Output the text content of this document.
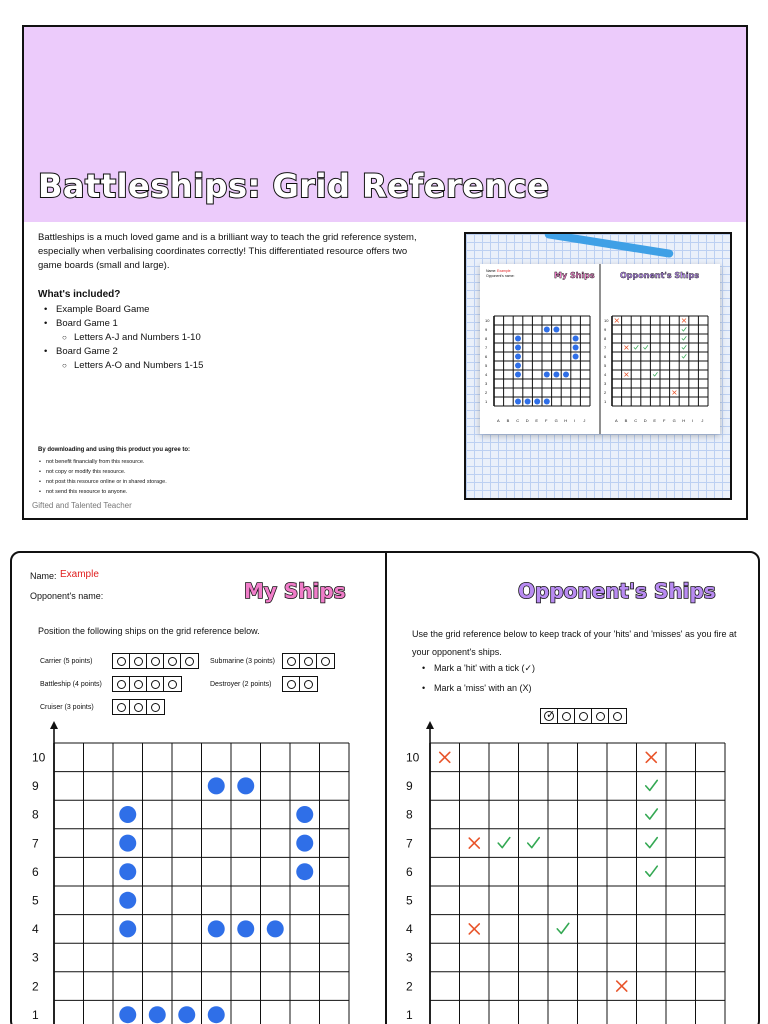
Battleships: Grid Reference

Battleships is a much loved game and is a brilliant way to teach the grid reference system, especially when verbalising coordinates correctly! This differentiated resource offers two game boards (small and large).

What's included?
• Example Board Game
• Board Game 1
○ Letters A-J and Numbers 1-10
• Board Game 2
○ Letters A-O and Numbers 1-15
By downloading and using this product you agree to:
• not benefit financially from this resource.
• not copy or modify this resource.
• not post this resource online or in shared storage.
• not send this resource to anyone.
Gifted and Talented Teacher
Name: Example
Opponent's name:	My Ships	Opponent's Ships
10
9
8
7
6
5
4
3
2
1
10
9
8
7
6
5
4
3
2
1
A	A
B	B
C	C
D	D
E	E
F	F
G	G
H	H
I	I
J	J
Name: Example
Opponent's name:	My Ships	Opponent's Ships
Position the following ships on the grid reference below.
Carrier (5 points)
Battleship (4 points)
Cruiser (3 points)
Submarine (3 points)
Destroyer (2 points)
Use the grid reference below to keep track of your 'hits' and 'misses' as you fire at your opponent's ships.
• Mark a 'hit' with a tick (✓)
• Mark a 'miss' with an (X)
✓
10
9
8
7
6
5
4
3
2
1
10
9
8
7
6
5
4
3
2
1
